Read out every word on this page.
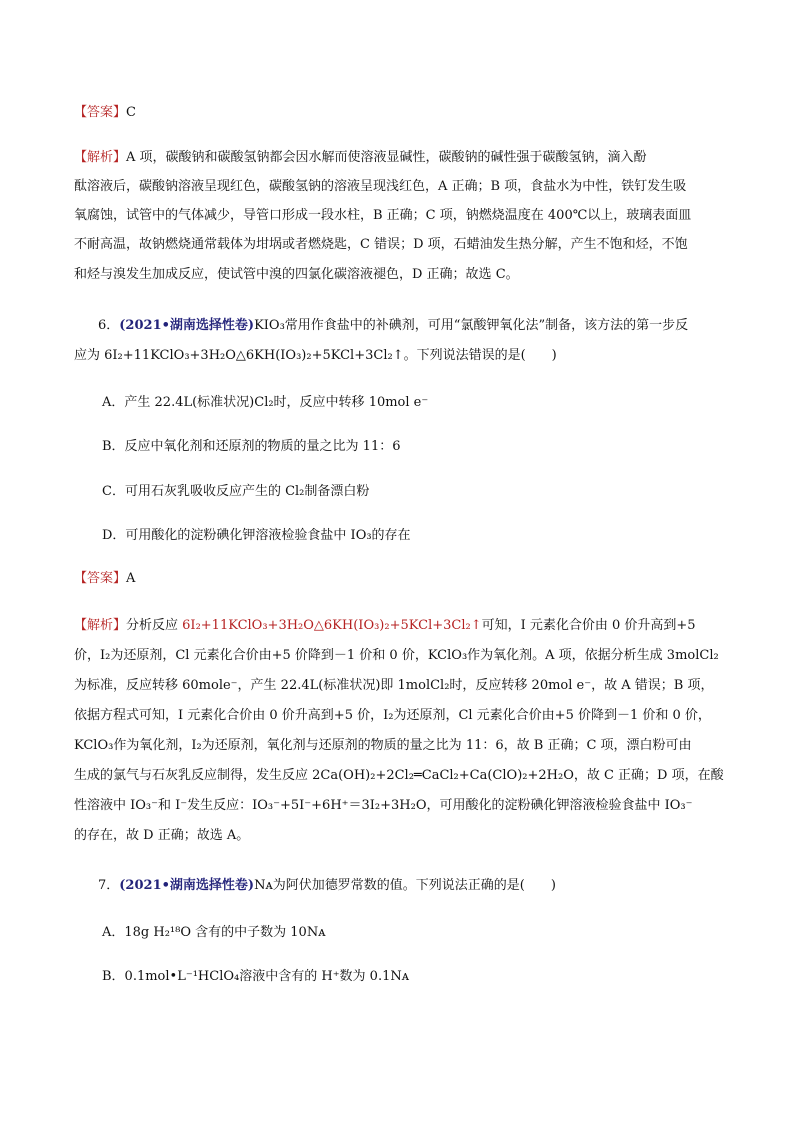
【答案】C
【解析】A 项，碳酸钠和碳酸氢钠都会因水解而使溶液显碱性，碳酸钠的碱性强于碳酸氢钠，滴入酚
酞溶液后，碳酸钠溶液呈现红色，碳酸氢钠的溶液呈现浅红色，A 正确；B 项，食盐水为中性，铁钉发生吸
氧腐蚀，试管中的气体减少，导管口形成一段水柱，B 正确；C 项，钠燃烧温度在 400℃以上，玻璃表面皿
不耐高温，故钠燃烧通常载体为坩埚或者燃烧匙，C 错误；D 项，石蜡油发生热分解，产生不饱和烃，不饱
和烃与溴发生加成反应，使试管中溴的四氯化碳溶液褪色，D 正确；故选 C。
6．(2021•湖南选择性卷)KIO₃常用作食盐中的补碘剂，可用“氯酸钾氧化法”制备，该方法的第一步反
应为 6I₂+11KClO₃+3H₂O△6KH(IO₃)₂+5KCl+3Cl₂↑。下列说法错误的是(　　)
A．产生 22.4L(标准状况)Cl₂时，反应中转移 10mol e⁻
B．反应中氧化剂和还原剂的物质的量之比为 11：6
C．可用石灰乳吸收反应产生的 Cl₂制备漂白粉
D．可用酸化的淀粉碘化钾溶液检验食盐中 IO₃的存在
【答案】A
【解析】分析反应 6I₂+11KClO₃+3H₂O△6KH(IO₃)₂+5KCl+3Cl₂↑可知，I 元素化合价由 0 价升高到+5
价，I₂为还原剂，Cl 元素化合价由+5 价降到－1 价和 0 价，KClO₃作为氧化剂。A 项，依据分析生成 3molCl₂
为标准，反应转移 60mole⁻，产生 22.4L(标准状况)即 1molCl₂时，反应转移 20mol e⁻，故 A 错误；B 项，
依据方程式可知，I 元素化合价由 0 价升高到+5 价，I₂为还原剂，Cl 元素化合价由+5 价降到－1 价和 0 价，
KClO₃作为氧化剂，I₂为还原剂，氧化剂与还原剂的物质的量之比为 11：6，故 B 正确；C 项，漂白粉可由
生成的氯气与石灰乳反应制得，发生反应 2Ca(OH)₂+2Cl₂═CaCl₂+Ca(ClO)₂+2H₂O，故 C 正确；D 项，在酸
性溶液中 IO₃⁻和 I⁻发生反应：IO₃⁻+5I⁻+6H⁺＝3I₂+3H₂O，可用酸化的淀粉碘化钾溶液检验食盐中 IO₃⁻
的存在，故 D 正确；故选 A。
7．(2021•湖南选择性卷)Nᴀ为阿伏加德罗常数的值。下列说法正确的是(　　)
A．18g H₂¹⁸O 含有的中子数为 10Nᴀ
B．0.1mol•L⁻¹HClO₄溶液中含有的 H⁺数为 0.1Nᴀ
